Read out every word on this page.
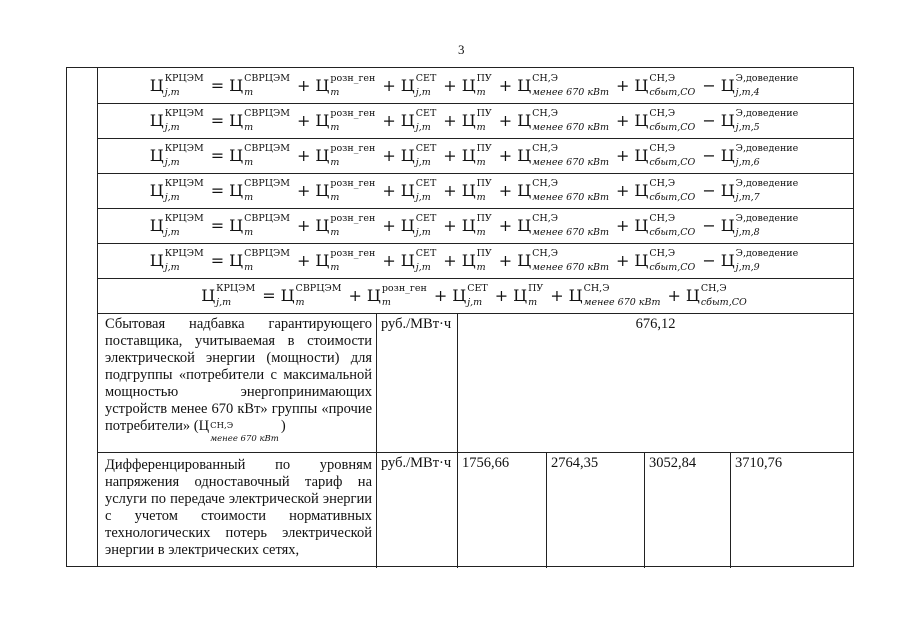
3
Ц КРЦЭМ
j,m	= Ц СВРЦЭМ
m	+ Ц розн_ген
m	+ Ц СЕТ
j,m + Ц ПУ
m + Ц СН,Э
менее 670 кВт + Ц СН,Э
сбыт,СО − Ц Э,доведение
j,m,4
Ц КРЦЭМ
j,m	= Ц СВРЦЭМ
m	+ Ц розн_ген
m	+ Ц СЕТ
j,m + Ц ПУ
m + Ц СН,Э
менее 670 кВт + Ц СН,Э
сбыт,СО − Ц Э,доведение
j,m,5
Ц КРЦЭМ
j,m	= Ц СВРЦЭМ
m	+ Ц розн_ген
m	+ Ц СЕТ
j,m + Ц ПУ
m + Ц СН,Э
менее 670 кВт + Ц СН,Э
сбыт,СО − Ц Э,доведение
j,m,6
Ц КРЦЭМ
j,m	= Ц СВРЦЭМ
m	+ Ц розн_ген
m	+ Ц СЕТ
j,m + Ц ПУ
m + Ц СН,Э
менее 670 кВт + Ц СН,Э
сбыт,СО − Ц Э,доведение
j,m,7
Ц КРЦЭМ
j,m	= Ц СВРЦЭМ
m	+ Ц розн_ген
m	+ Ц СЕТ
j,m + Ц ПУ
m + Ц СН,Э
менее 670 кВт + Ц СН,Э
сбыт,СО − Ц Э,доведение
j,m,8
Ц КРЦЭМ
j,m	= Ц СВРЦЭМ
m	+ Ц розн_ген
m	+ Ц СЕТ
j,m + Ц ПУ
m + Ц СН,Э
менее 670 кВт + Ц СН,Э
сбыт,СО − Ц Э,доведение
j,m,9
Ц КРЦЭМ
j,m	= Ц СВРЦЭМ
m	+ Ц розн_ген
m	+ Ц СЕТ
j,m + Ц ПУ
m + Ц СН,Э
менее 670 кВт + Ц СН,Э
сбыт,СО
Сбытовая надбавка гарантирующего поставщика, учитываемая в стоимости электрической энергии (мощности) для подгруппы «потребители с максимальной мощностью энергопринимающих устройств менее 670 кВт» группы «прочие потребители» (Ц СН,Э
менее 670 кВт
)
руб./МВт·ч	676,12
Дифференцированный по уровням напряжения одноставочный тариф на услуги по передаче электрической энергии с учетом стоимости нормативных технологических потерь электрической энергии в электрических сетях,
руб./МВт·ч 1756,66	2764,35	3052,84	3710,76
